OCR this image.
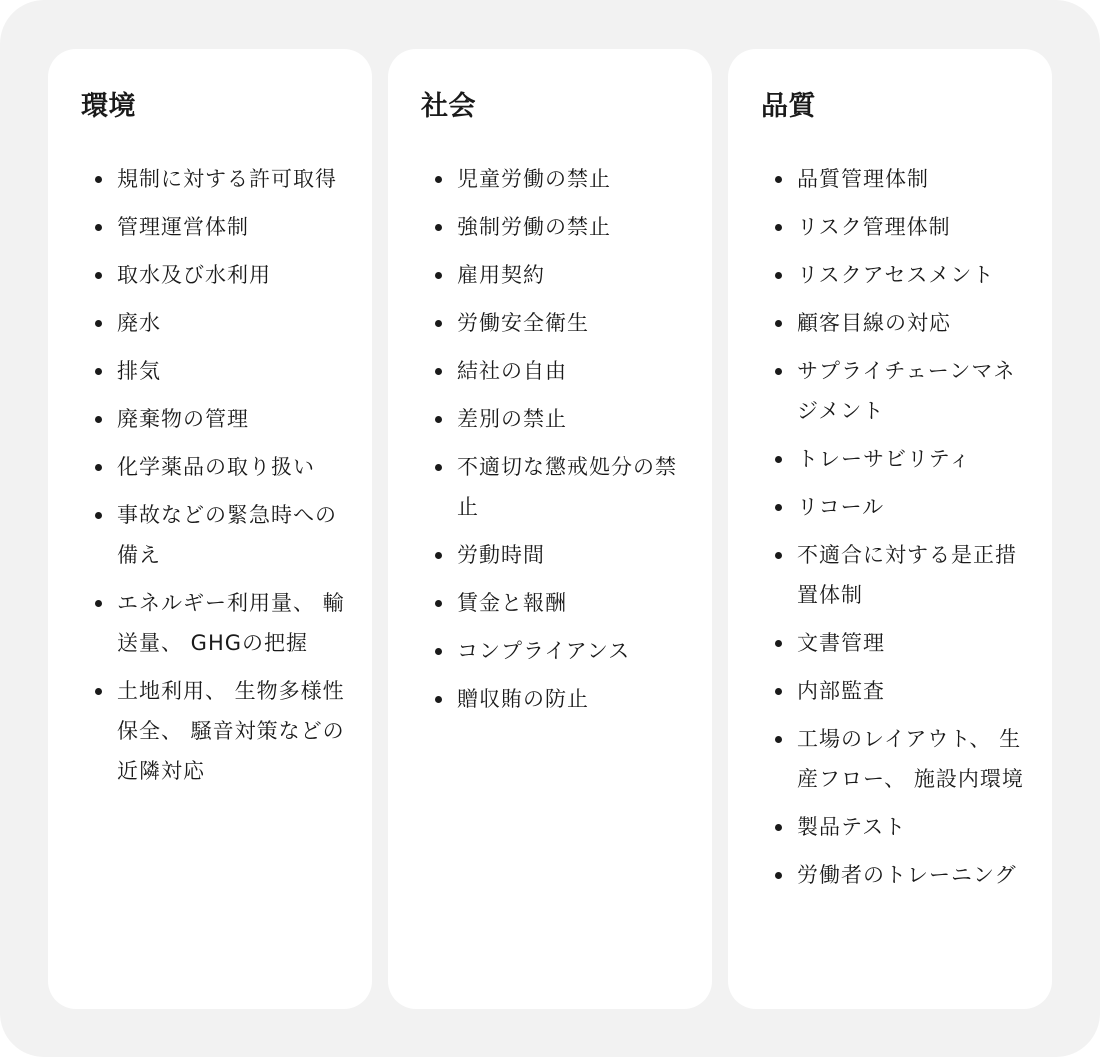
環境
規制に対する許可取得
管理運営体制
取水及び水利用
廃水
排気
廃棄物の管理
化学薬品の取り扱い
事故などの緊急時への備え
エネルギー利用量、 輸送量、 GHGの把握
土地利用、 生物多様性保全、 騒音対策などの近隣対応
社会
児童労働の禁止
強制労働の禁止
雇用契約
労働安全衛生
結社の自由
差別の禁止
不適切な懲戒処分の禁止
労動時間
賃金と報酬
コンプライアンス
贈収賄の防止
品質
品質管理体制
リスク管理体制
リスクアセスメント
顧客目線の対応
サプライチェーンマネジメント
トレーサビリティ
リコール
不適合に対する是正措置体制
文書管理
内部監査
工場のレイアウト、 生産フロー、 施設内環境
製品テスト
労働者のトレーニング
